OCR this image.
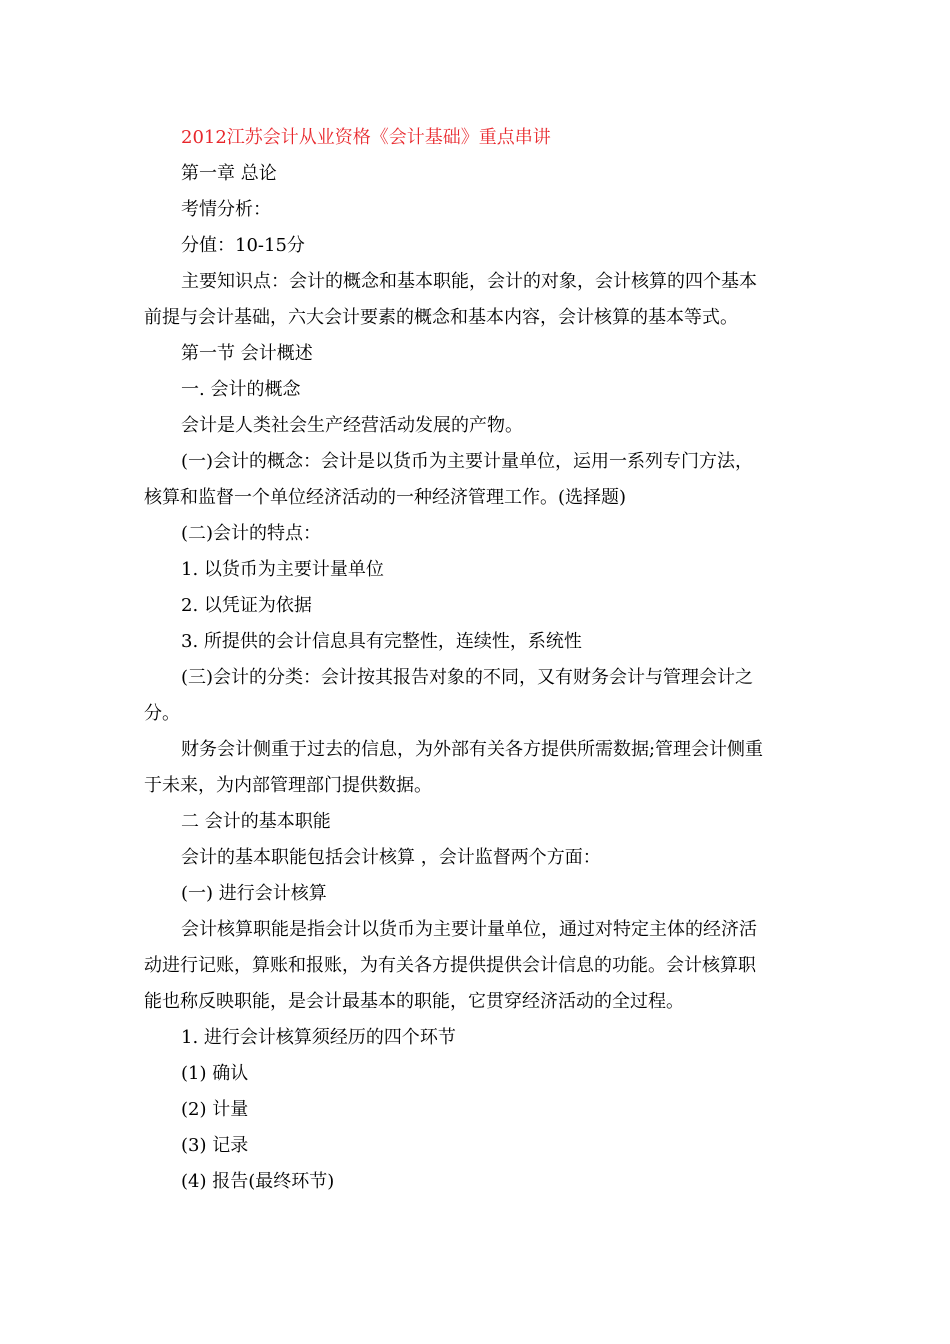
2012江苏会计从业资格《会计基础》重点串讲
第一章 总论
考情分析：
分值：10-15分
主要知识点：会计的概念和基本职能，会计的对象，会计核算的四个基本
前提与会计基础，六大会计要素的概念和基本内容，会计核算的基本等式。
第一节 会计概述
一. 会计的概念
会计是人类社会生产经营活动发展的产物。
(一)会计的概念：会计是以货币为主要计量单位，运用一系列专门方法，
核算和监督一个单位经济活动的一种经济管理工作。(选择题)
(二)会计的特点：
1. 以货币为主要计量单位
2. 以凭证为依据
3. 所提供的会计信息具有完整性，连续性，系统性
(三)会计的分类：会计按其报告对象的不同，又有财务会计与管理会计之
分。
财务会计侧重于过去的信息，为外部有关各方提供所需数据;管理会计侧重
于未来，为内部管理部门提供数据。
二 会计的基本职能
会计的基本职能包括会计核算 ，会计监督两个方面：
(一) 进行会计核算
会计核算职能是指会计以货币为主要计量单位，通过对特定主体的经济活
动进行记账，算账和报账，为有关各方提供提供会计信息的功能。会计核算职
能也称反映职能，是会计最基本的职能，它贯穿经济活动的全过程。
1. 进行会计核算须经历的四个环节
(1) 确认
(2) 计量
(3) 记录
(4) 报告(最终环节)
